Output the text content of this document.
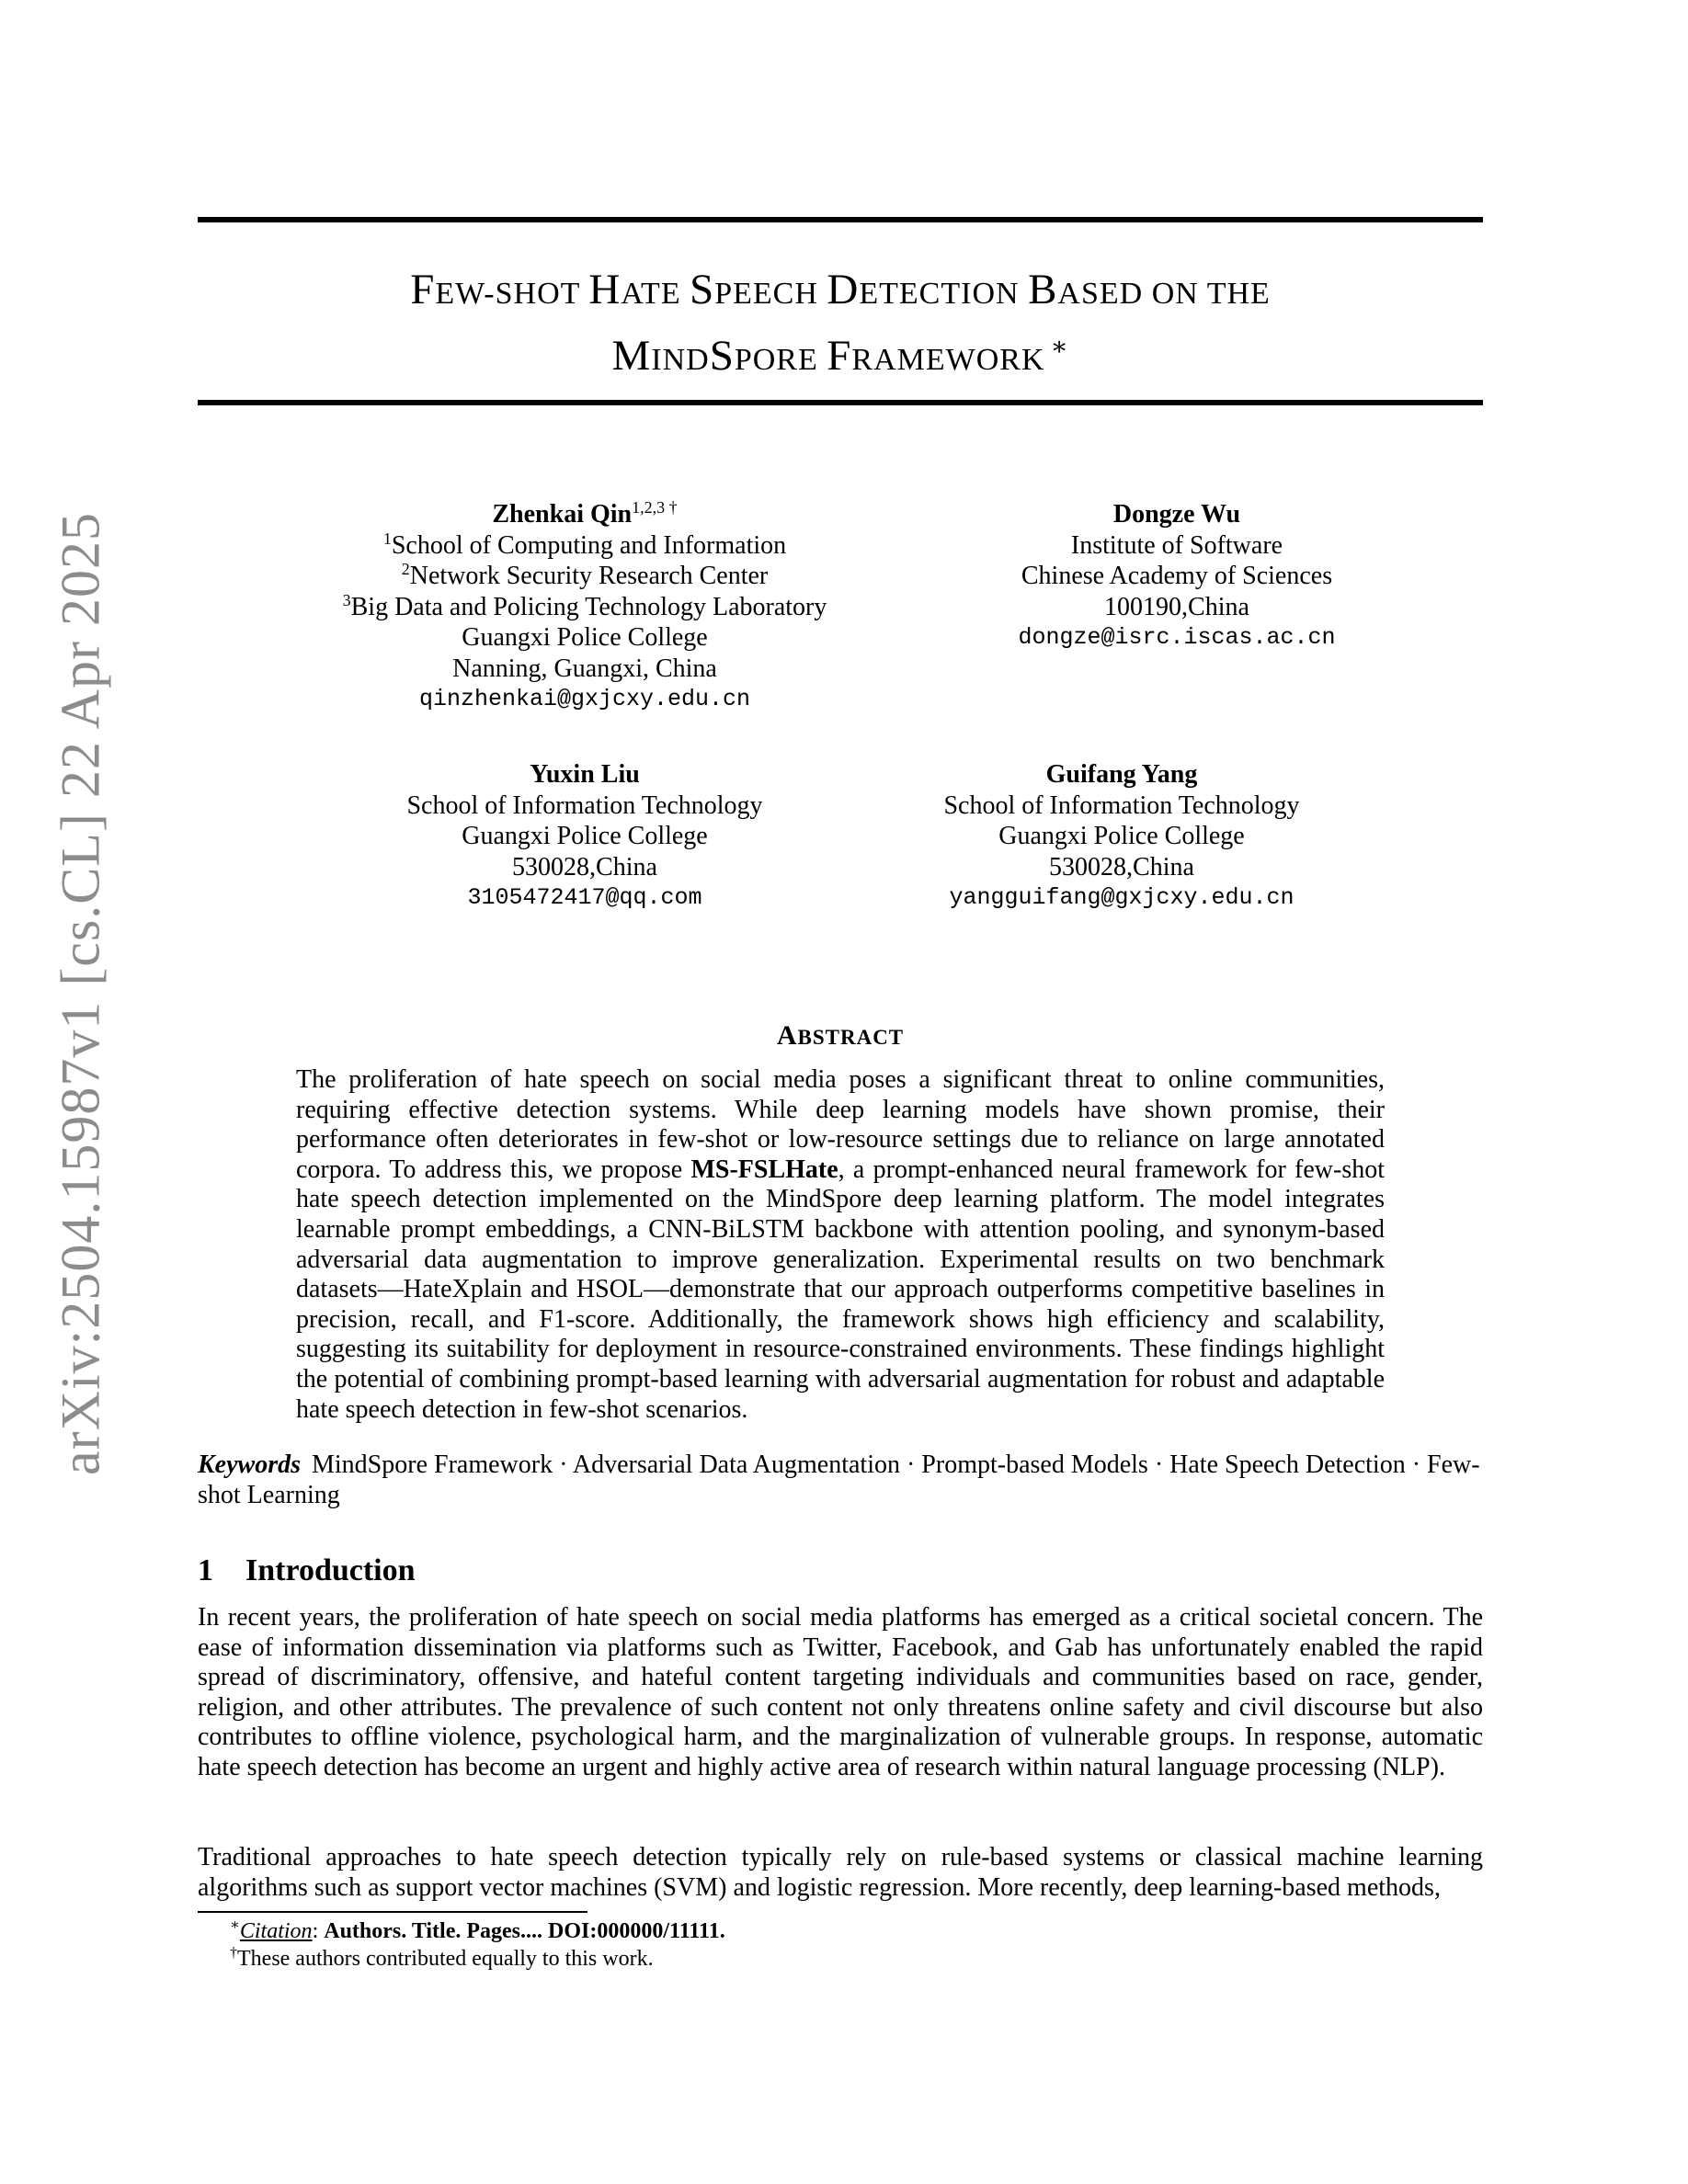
arXiv:2504.15987v1 [cs.CL] 22 Apr 2025
FEW-SHOT HATE SPEECH DETECTION BASED ON THE
MINDSPORE FRAMEWORK ∗
Zhenkai Qin$^{1,2,3 \dagger}$
$^1$School of Computing and Information
$^2$Network Security Research Center
$^3$Big Data and Policing Technology Laboratory
Guangxi Police College
Nanning, Guangxi, China
qinzhenkai@gxjcxy.edu.cn
Dongze Wu
Institute of Software
Chinese Academy of Sciences
100190,China
dongze@isrc.iscas.ac.cn
Yuxin Liu
School of Information Technology
Guangxi Police College
530028,China
3105472417@qq.com
Guifang Yang
School of Information Technology
Guangxi Police College
530028,China
yangguifang@gxjcxy.edu.cn
ABSTRACT
The proliferation of hate speech on social media poses a significant threat to online communities, requiring effective detection systems. While deep learning models have shown promise, their performance often deteriorates in few-shot or low-resource settings due to reliance on large annotated corpora. To address this, we propose MS-FSLHate, a prompt-enhanced neural framework for few-shot hate speech detection implemented on the MindSpore deep learning platform. The model integrates learnable prompt embeddings, a CNN-BiLSTM backbone with attention pooling, and synonym-based adversarial data augmentation to improve generalization. Experimental results on two benchmark datasets—HateXplain and HSOL—demonstrate that our approach outperforms competitive baselines in precision, recall, and F1-score. Additionally, the framework shows high efficiency and scalability, suggesting its suitability for deployment in resource-constrained environments. These findings highlight the potential of combining prompt-based learning with adversarial augmentation for robust and adaptable hate speech detection in few-shot scenarios.
Keywords MindSpore Framework · Adversarial Data Augmentation · Prompt-based Models · Hate Speech Detection · Few-shot Learning
1 Introduction
In recent years, the proliferation of hate speech on social media platforms has emerged as a critical societal concern. The ease of information dissemination via platforms such as Twitter, Facebook, and Gab has unfortunately enabled the rapid spread of discriminatory, offensive, and hateful content targeting individuals and communities based on race, gender, religion, and other attributes. The prevalence of such content not only threatens online safety and civil discourse but also contributes to offline violence, psychological harm, and the marginalization of vulnerable groups. In response, automatic hate speech detection has become an urgent and highly active area of research within natural language processing (NLP).
Traditional approaches to hate speech detection typically rely on rule-based systems or classical machine learning algorithms such as support vector machines (SVM) and logistic regression. More recently, deep learning-based methods,
∗Citation: Authors. Title. Pages.... DOI:000000/11111.
†These authors contributed equally to this work.
